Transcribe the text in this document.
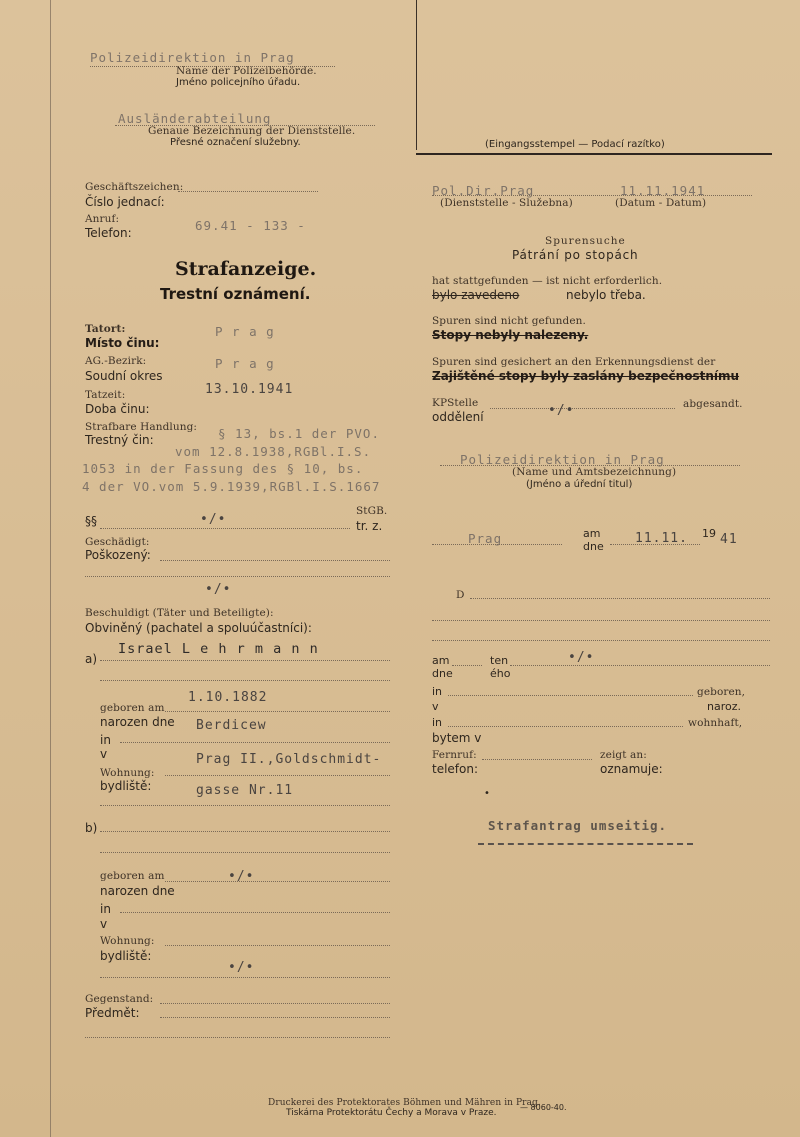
Polizeidirektion in Prag
Name der Polizeibehörde.
Jméno policejního úřadu.
Ausländerabteilung
Genaue Bezeichnung der Dienststelle.
Přesné označení služebny.	(Eingangsstempel — Podací razítko)
Geschäftszeichen:
Číslo jednací:
Anruf:	69.41 - 133 -
Telefon:
Strafanzeige.
Trestní oznámení.
Tatort:
Místo činu:
P r a g
AG.-Bezirk:
Soudní okres
P r a g
Tatzeit:
Doba činu:
13.10.1941
Strafbare Handlung:
Trestný čin:	§ 13, bs.1 der PVO.
vom 12.8.1938,RGBl.I.S.
1053 in der Fassung des § 10, bs.
4 der VO.vom 5.9.1939,RGBl.I.S.1667
§§	•/•
StGB.
tr. z.
Geschädigt:
Poškozený:
•/•
Beschuldigt (Täter und Beteiligte):
Obviněný (pachatel a spoluúčastníci):
a)
Israel L e h r m a n n
1.10.1882
geboren am
narozen dne Berdicew
in
v	Prag II.,Goldschmidt-
Wohnung:
bydliště:	gasse Nr.11
b)
geboren am
narozen dne
•/•
in
v
Wohnung:
bydliště:
•/•
Gegenstand:
Předmět:
Pol.Dir.Prag	11.11.1941
(Dienststelle - Služebna)	(Datum - Datum)
Spurensuche
Pátrání po stopách
hat stattgefunden — ist nicht erforderlich.
bylo zavedeno	nebylo třeba.
Spuren sind nicht gefunden.
Stopy nebyly nalezeny.
Spuren sind gesichert an den Erkennungsdienst der
Zajištěné stopy byly zaslány bezpečnostnímu
KPStelle
oddělení	•/•	abgesandt.
Polizeidirektion in Prag
(Name und Amtsbezeichnung)
(Jméno a úřední titul)
Prag	am
dne
11.11. 19 41
D
am
dne
ten
ého
•/•
in
v
geboren,
naroz.
in	wohnhaft,
bytem v
Fernruf:
telefon:
zeigt an:
oznamuje:
•
Strafantrag umseitig.
Druckerei des Protektorates Böhmen und Mähren in Prag.
Tiskárna Protektorátu Čechy a Morava v Praze.
— 8060-40.
